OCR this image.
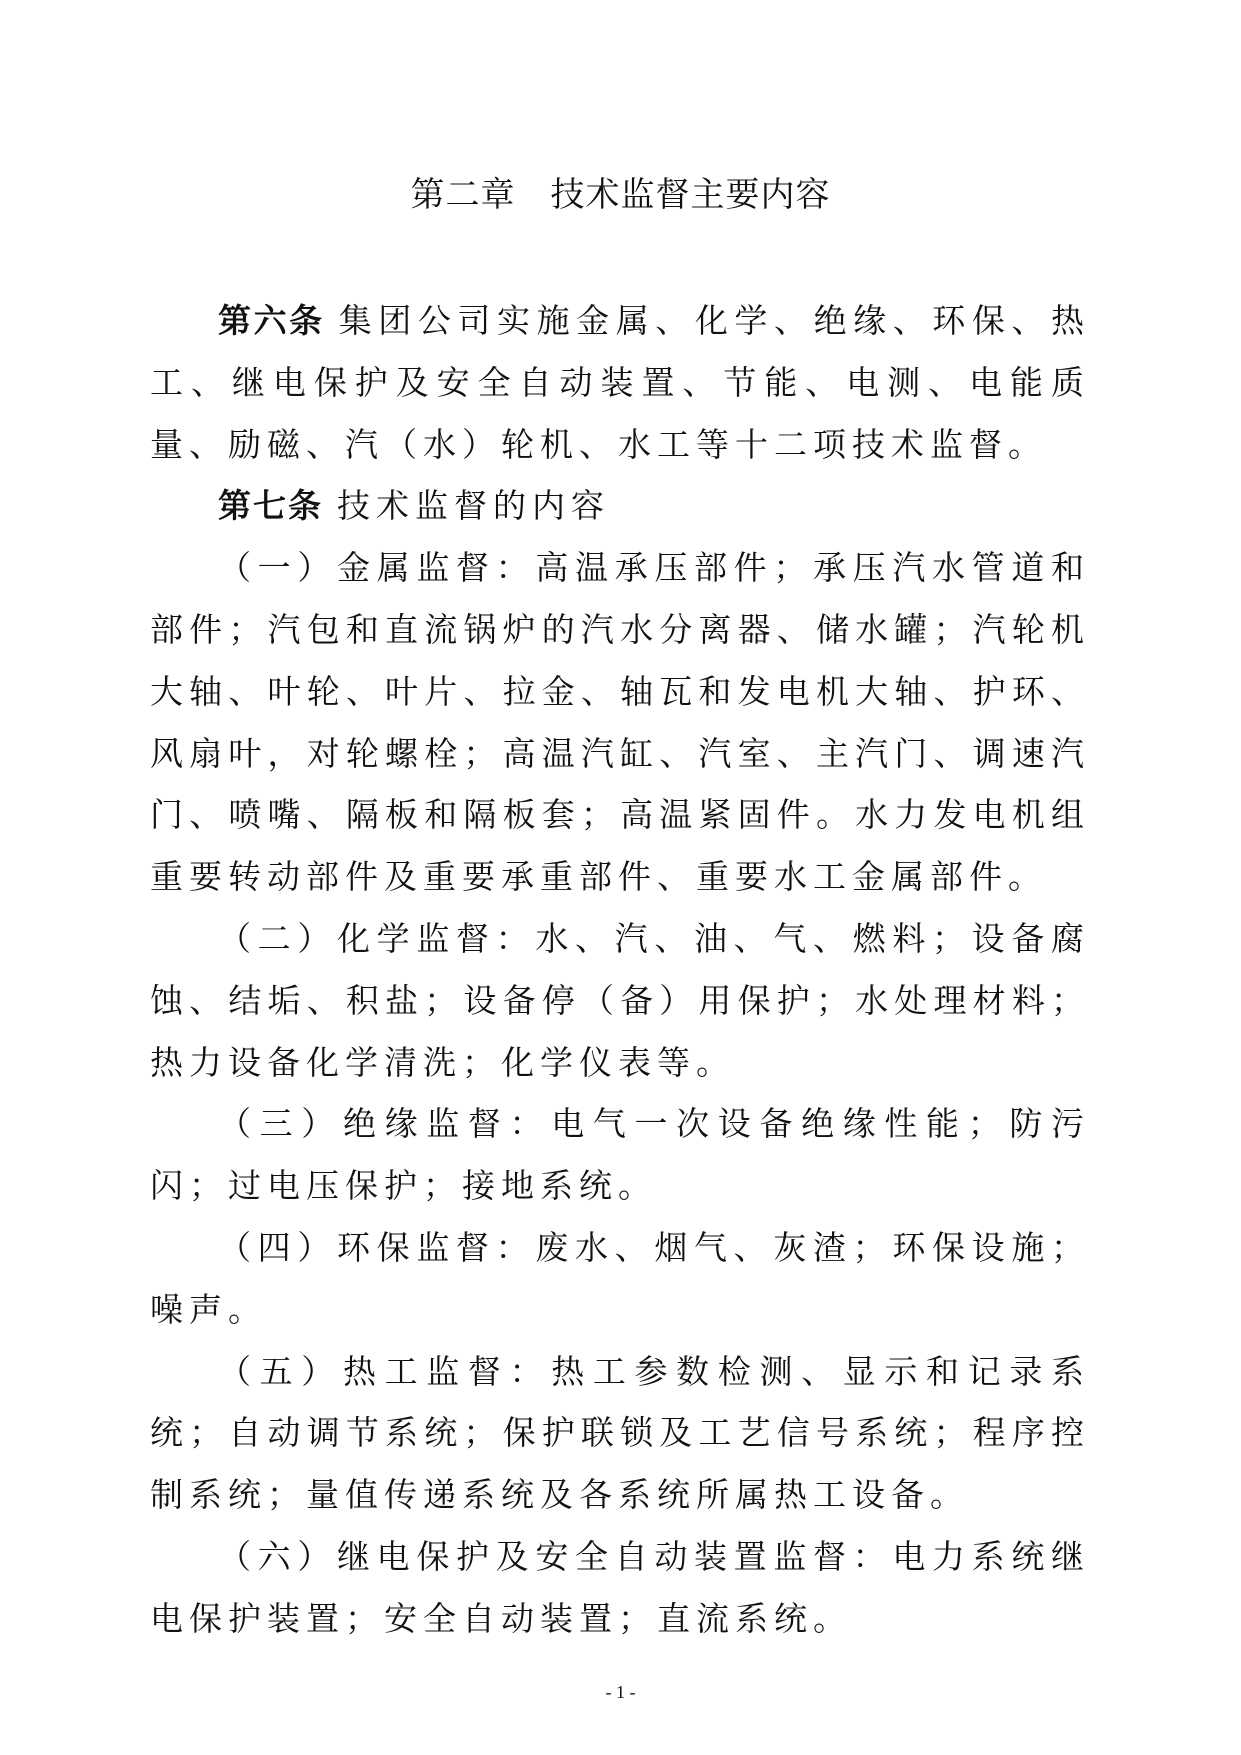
第二章　技术监督主要内容

第六条 集团公司实施金属、化学、绝缘、环保、热工、继电保护及安全自动装置、节能、电测、电能质量、励磁、汽（水）轮机、水工等十二项技术监督。

第七条 技术监督的内容

（一）金属监督：高温承压部件；承压汽水管道和部件；汽包和直流锅炉的汽水分离器、储水罐；汽轮机大轴、叶轮、叶片、拉金、轴瓦和发电机大轴、护环、风扇叶，对轮螺栓；高温汽缸、汽室、主汽门、调速汽门、喷嘴、隔板和隔板套；高温紧固件。水力发电机组重要转动部件及重要承重部件、重要水工金属部件。

（二）化学监督：水、汽、油、气、燃料；设备腐蚀、结垢、积盐；设备停（备）用保护；水处理材料；热力设备化学清洗；化学仪表等。

（三）绝缘监督：电气一次设备绝缘性能；防污闪；过电压保护；接地系统。

（四）环保监督：废水、烟气、灰渣；环保设施；噪声。

（五）热工监督：热工参数检测、显示和记录系统；自动调节系统；保护联锁及工艺信号系统；程序控制系统；量值传递系统及各系统所属热工设备。

（六）继电保护及安全自动装置监督：电力系统继电保护装置；安全自动装置；直流系统。

- 1 -
